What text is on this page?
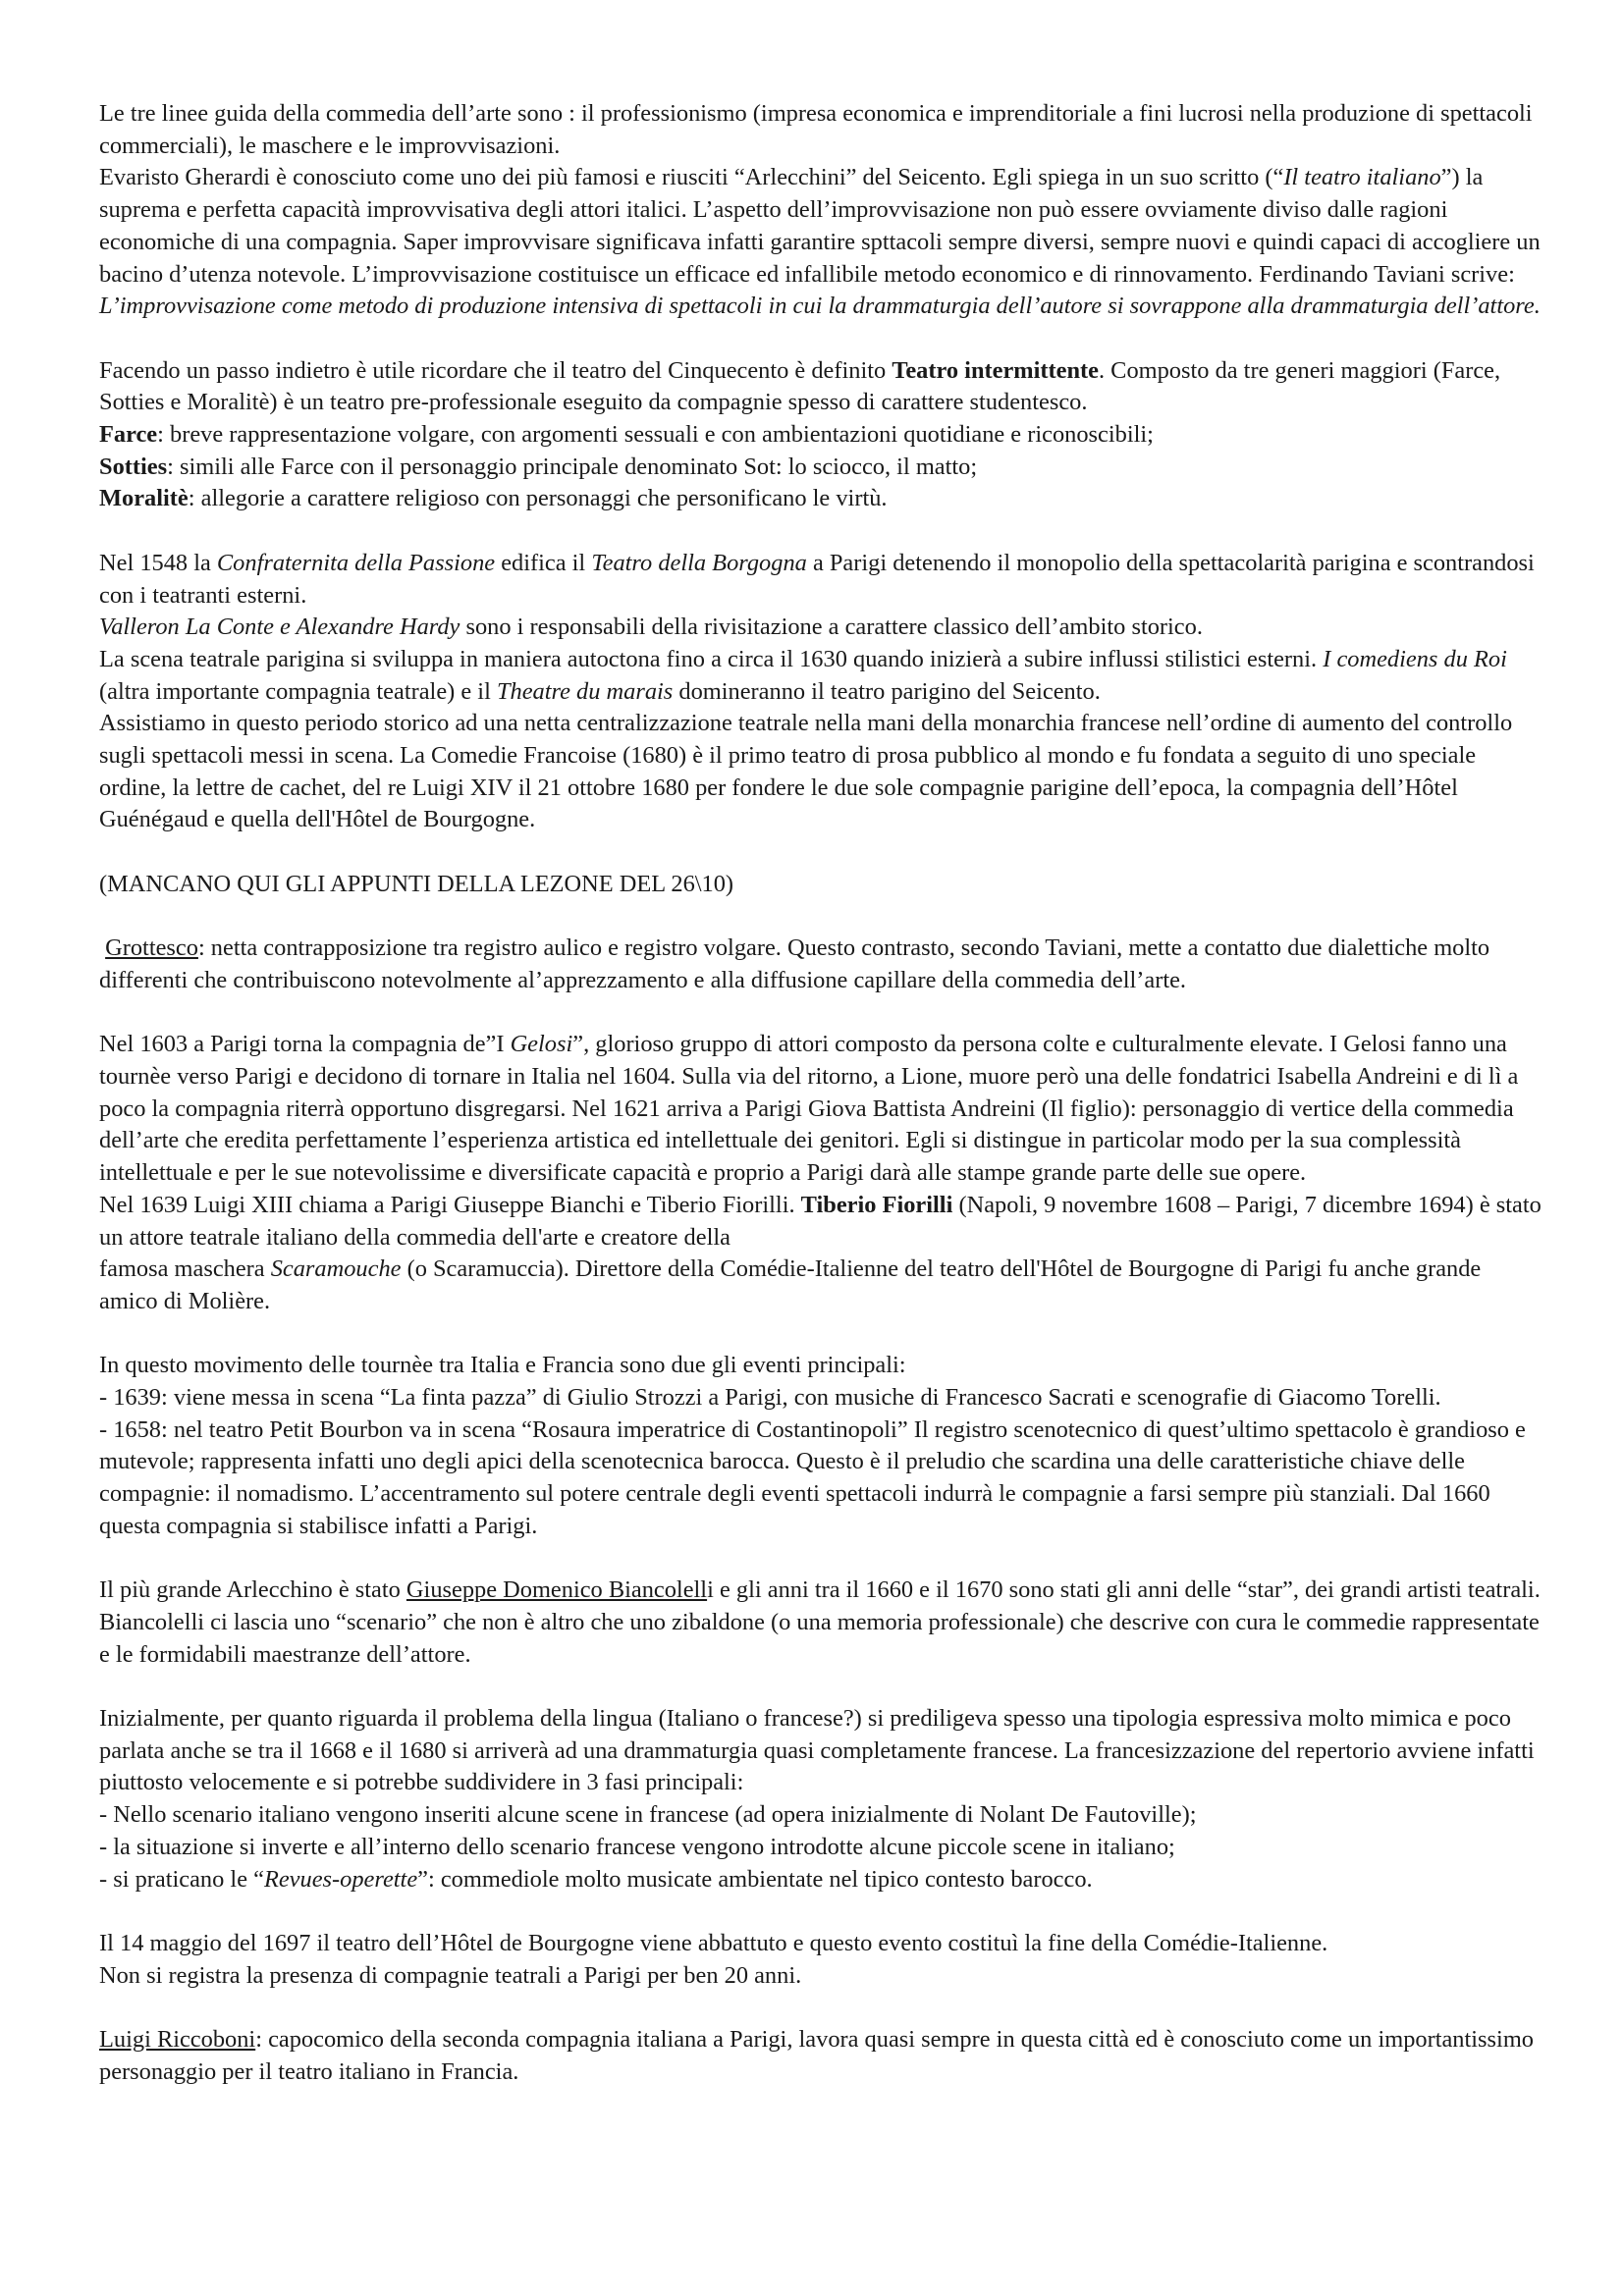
Le tre linee guida della commedia dell’arte sono : il professionismo (impresa economica e imprenditoriale a fini lucrosi nella produzione di spettacoli commerciali), le maschere e le improvvisazioni.
Evaristo Gherardi è conosciuto come uno dei più famosi e riusciti “Arlecchini” del Seicento. Egli spiega in un suo scritto (“Il teatro italiano”) la suprema e perfetta capacità improvvisativa degli attori italici. L’aspetto dell’improvvisazione non può essere ovviamente diviso dalle ragioni economiche di una compagnia. Saper improvvisare significava infatti garantire spttacoli sempre diversi, sempre nuovi e quindi capaci di accogliere un bacino d’utenza notevole. L’improvvisazione costituisce un efficace ed infallibile metodo economico e di rinnovamento. Ferdinando Taviani scrive: L’improvvisazione come metodo di produzione intensiva di spettacoli in cui la drammaturgia dell’autore si sovrappone alla drammaturgia dell’attore.

Facendo un passo indietro è utile ricordare che il teatro del Cinquecento è definito Teatro intermittente. Composto da tre generi maggiori (Farce, Sotties e Moralitè) è un teatro pre-professionale eseguito da compagnie spesso di carattere studentesco.
Farce: breve rappresentazione volgare, con argomenti sessuali e con ambientazioni quotidiane e riconoscibili;
Sotties: simili alle Farce con il personaggio principale denominato Sot: lo sciocco, il matto;
Moralitè: allegorie a carattere religioso con personaggi che personificano le virtù.

Nel 1548 la Confraternita della Passione edifica il Teatro della Borgogna a Parigi detenendo il monopolio della spettacolarità parigina e scontrandosi con i teatranti esterni.
Valleron La Conte e Alexandre Hardy sono i responsabili della rivisitazione a carattere classico dell’ambito storico.
La scena teatrale parigina si sviluppa in maniera autoctona fino a circa il 1630 quando inizierà a subire influssi stilistici esterni. I comediens du Roi (altra importante compagnia teatrale) e il Theatre du marais domineranno il teatro parigino del Seicento.
Assistiamo in questo periodo storico ad una netta centralizzazione teatrale nella mani della monarchia francese nell’ordine di aumento del controllo sugli spettacoli messi in scena. La Comedie Francoise (1680) è il primo teatro di prosa pubblico al mondo e fu fondata a seguito di uno speciale ordine, la lettre de cachet, del re Luigi XIV il 21 ottobre 1680 per fondere le due sole compagnie parigine dell’epoca, la compagnia dell’Hôtel Guénégaud e quella dell'Hôtel de Bourgogne.

(MANCANO QUI GLI APPUNTI DELLA LEZONE DEL 26\10)

Grottesco: netta contrapposizione tra registro aulico e registro volgare. Questo contrasto, secondo Taviani, mette a contatto due dialettiche molto differenti che contribuiscono notevolmente al’apprezzamento e alla diffusione capillare della commedia dell’arte.

Nel 1603 a Parigi torna la compagnia de”I Gelosi”, glorioso gruppo di attori composto da persona colte e culturalmente elevate. I Gelosi fanno una tournèe verso Parigi e decidono di tornare in Italia nel 1604. Sulla via del ritorno, a Lione, muore però una delle fondatrici Isabella Andreini e di lì a poco la compagnia riterrà opportuno disgregarsi. Nel 1621 arriva a Parigi Giova Battista Andreini (Il figlio): personaggio di vertice della commedia dell’arte che eredita perfettamente l’esperienza artistica ed intellettuale dei genitori. Egli si distingue in particolar modo per la sua complessità intellettuale e per le sue notevolissime e diversificate capacità e proprio a Parigi darà alle stampe grande parte delle sue opere.
Nel 1639 Luigi XIII chiama a Parigi Giuseppe Bianchi e Tiberio Fiorilli. Tiberio Fiorilli (Napoli, 9 novembre 1608 – Parigi, 7 dicembre 1694) è stato un attore teatrale italiano della commedia dell'arte e creatore della
famosa maschera Scaramouche (o Scaramuccia). Direttore della Comédie-Italienne del teatro dell'Hôtel de Bourgogne di Parigi fu anche grande amico di Molière.

In questo movimento delle tournèe tra Italia e Francia sono due gli eventi principali:
- 1639: viene messa in scena “La finta pazza” di Giulio Strozzi a Parigi, con musiche di Francesco Sacrati e scenografie di Giacomo Torelli.
- 1658: nel teatro Petit Bourbon va in scena “Rosaura imperatrice di Costantinopoli” Il registro scenotecnico di quest’ultimo spettacolo è grandioso e mutevole; rappresenta infatti uno degli apici della scenotecnica barocca. Questo è il preludio che scardina una delle caratteristiche chiave delle compagnie: il nomadismo. L’accentramento sul potere centrale degli eventi spettacoli indurrà le compagnie a farsi sempre più stanziali. Dal 1660 questa compagnia si stabilisce infatti a Parigi.

Il più grande Arlecchino è stato Giuseppe Domenico Biancolelli e gli anni tra il 1660 e il 1670 sono stati gli anni delle “star”, dei grandi artisti teatrali. Biancolelli ci lascia uno “scenario” che non è altro che uno zibaldone (o una memoria professionale) che descrive con cura le commedie rappresentate e le formidabili maestranze dell’attore.

Inizialmente, per quanto riguarda il problema della lingua (Italiano o francese?) si prediligeva spesso una tipologia espressiva molto mimica e poco parlata anche se tra il 1668 e il 1680 si arriverà ad una drammaturgia quasi completamente francese. La francesizzazione del repertorio avviene infatti piuttosto velocemente e si potrebbe suddividere in 3 fasi principali:
- Nello scenario italiano vengono inseriti alcune scene in francese (ad opera inizialmente di Nolant De Fautoville);
- la situazione si inverte e all’interno dello scenario francese vengono introdotte alcune piccole scene in italiano;
- si praticano le “Revues-operette”: commediole molto musicate ambientate nel tipico contesto barocco.

Il 14 maggio del 1697 il teatro dell’Hôtel de Bourgogne viene abbattuto e questo evento costituì la fine della Comédie-Italienne.
Non si registra la presenza di compagnie teatrali a Parigi per ben 20 anni.

Luigi Riccoboni: capocomico della seconda compagnia italiana a Parigi, lavora quasi sempre in questa città ed è conosciuto come un importantissimo personaggio per il teatro italiano in Francia.
